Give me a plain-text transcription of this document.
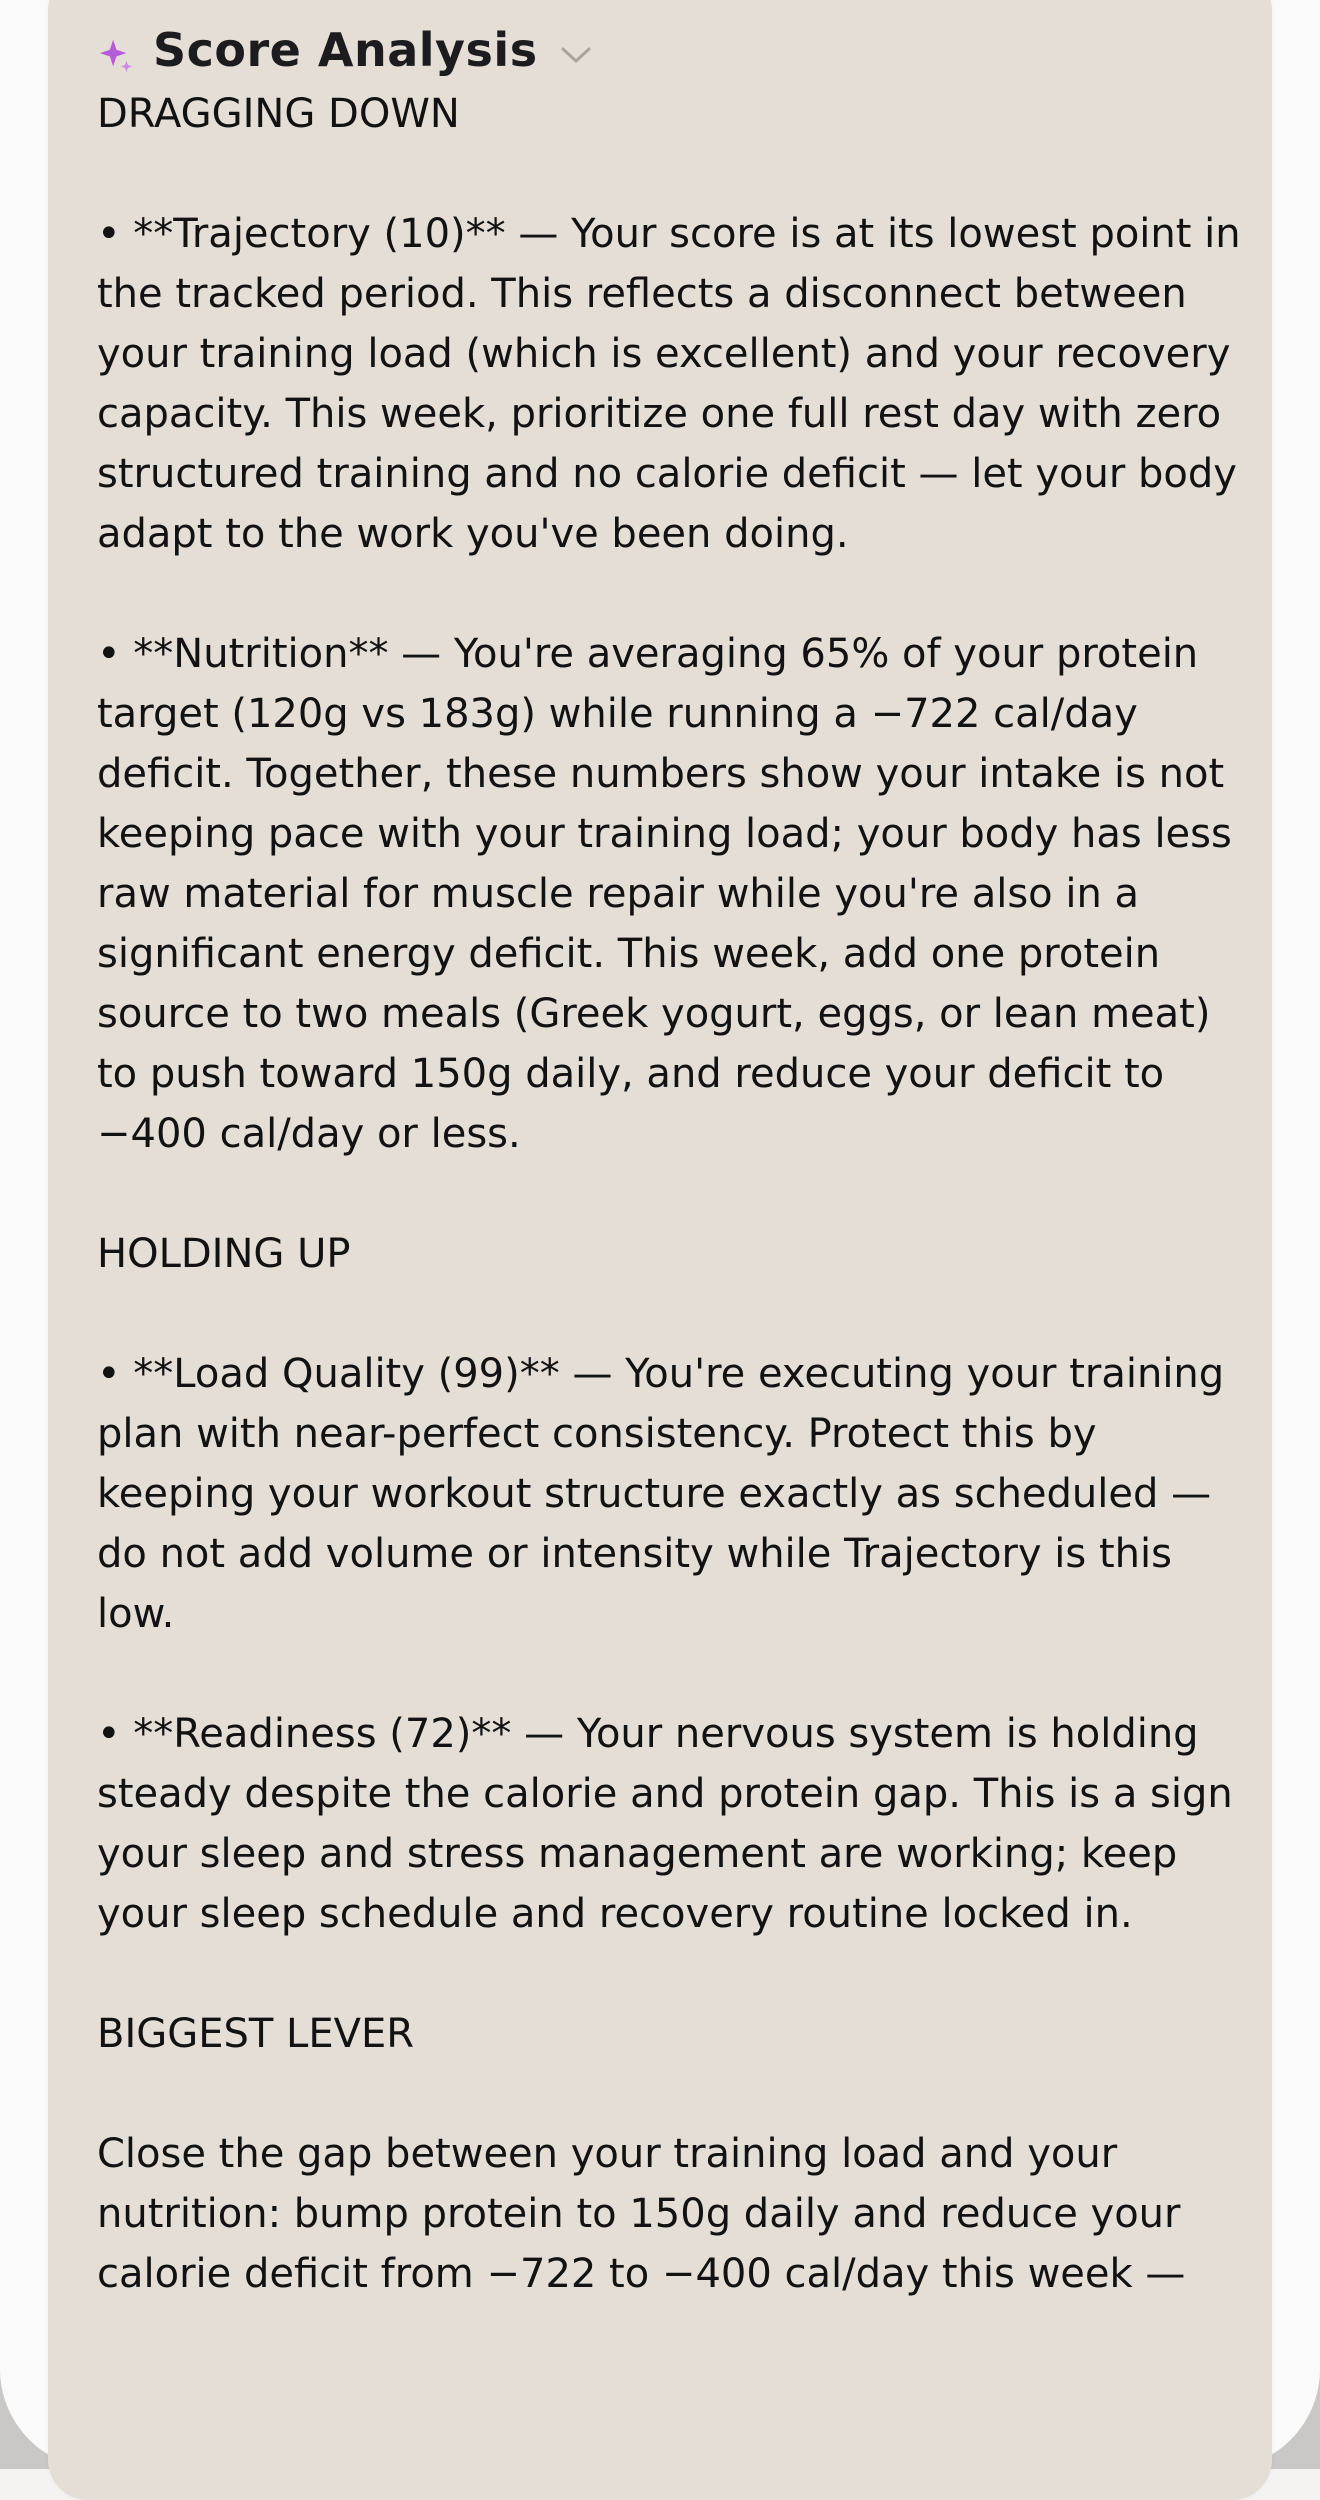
Score Analysis

DRAGGING DOWN

• **Trajectory (10)** — Your score is at its lowest point in the tracked period. This reflects a disconnect between your training load (which is excellent) and your recovery capacity. This week, prioritize one full rest day with zero structured training and no calorie deficit — let your body adapt to the work you've been doing.

• **Nutrition** — You're averaging 65% of your protein target (120g vs 183g) while running a −722 cal/day deficit. Together, these numbers show your intake is not keeping pace with your training load; your body has less raw material for muscle repair while you're also in a significant energy deficit. This week, add one protein source to two meals (Greek yogurt, eggs, or lean meat) to push toward 150g daily, and reduce your deficit to −400 cal/day or less.

HOLDING UP

• **Load Quality (99)** — You're executing your training plan with near-perfect consistency. Protect this by keeping your workout structure exactly as scheduled — do not add volume or intensity while Trajectory is this low.

• **Readiness (72)** — Your nervous system is holding steady despite the calorie and protein gap. This is a sign your sleep and stress management are working; keep your sleep schedule and recovery routine locked in.

BIGGEST LEVER

Close the gap between your training load and your nutrition: bump protein to 150g daily and reduce your calorie deficit from −722 to −400 cal/day this week —
